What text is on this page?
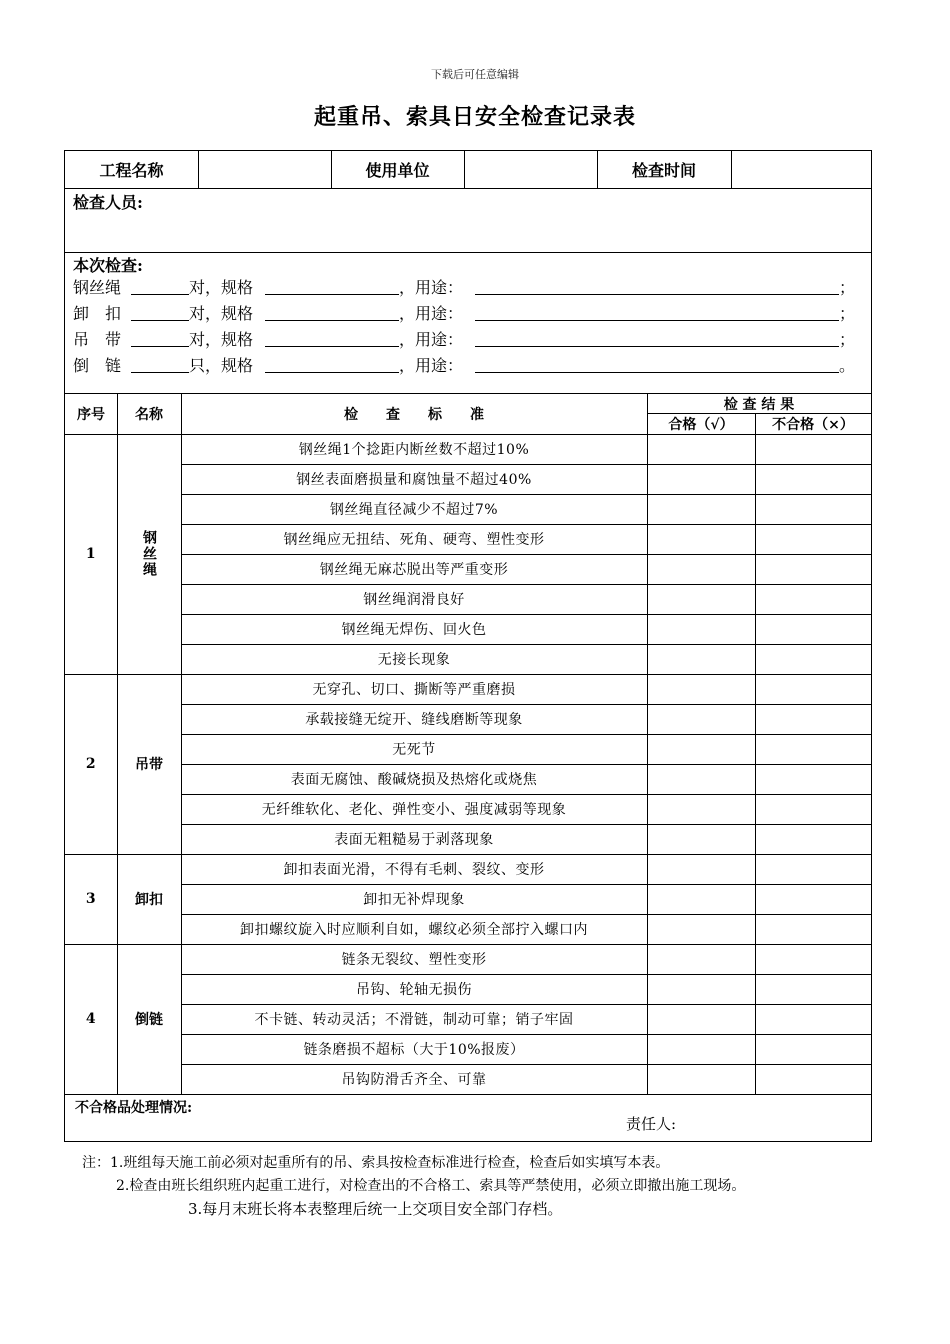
下载后可任意编辑
起重吊、索具日安全检查记录表
工程名称	使用单位	检查时间
检查人员:
本次检查:
钢丝绳	对，规格	，用途：	；
卸　扣	对，规格	，用途：	；
吊　带	对，规格	，用途：	；
倒　链	只，规格	，用途：	。
序号	名称	检　　查　　标　　准
检 查 结 果
合格（√）	不合格（×）
1	钢丝绳
钢丝绳1个捻距内断丝数不超过10%
钢丝表面磨损量和腐蚀量不超过40%
钢丝绳直径减少不超过7%
钢丝绳应无扭结、死角、硬弯、塑性变形
钢丝绳无麻芯脱出等严重变形
钢丝绳润滑良好
钢丝绳无焊伤、回火色
无接长现象
2	吊带
无穿孔、切口、撕断等严重磨损
承载接缝无绽开、缝线磨断等现象
无死节
表面无腐蚀、酸碱烧损及热熔化或烧焦
无纤维软化、老化、弹性变小、强度减弱等现象
表面无粗糙易于剥落现象
3	卸扣
卸扣表面光滑，不得有毛刺、裂纹、变形
卸扣无补焊现象
卸扣螺纹旋入时应顺利自如，螺纹必须全部拧入螺口内
4	倒链
链条无裂纹、塑性变形
吊钩、轮轴无损伤
不卡链、转动灵活；不滑链，制动可靠；销子牢固
链条磨损不超标（大于10%报废）
吊钩防滑舌齐全、可靠
不合格品处理情况:
责任人:
注：1.班组每天施工前必须对起重所有的吊、索具按检查标准进行检查，检查后如实填写本表。
2.检查由班长组织班内起重工进行，对检查出的不合格工、索具等严禁使用，必须立即撤出施工现场。
3.每月末班长将本表整理后统一上交项目安全部门存档。
